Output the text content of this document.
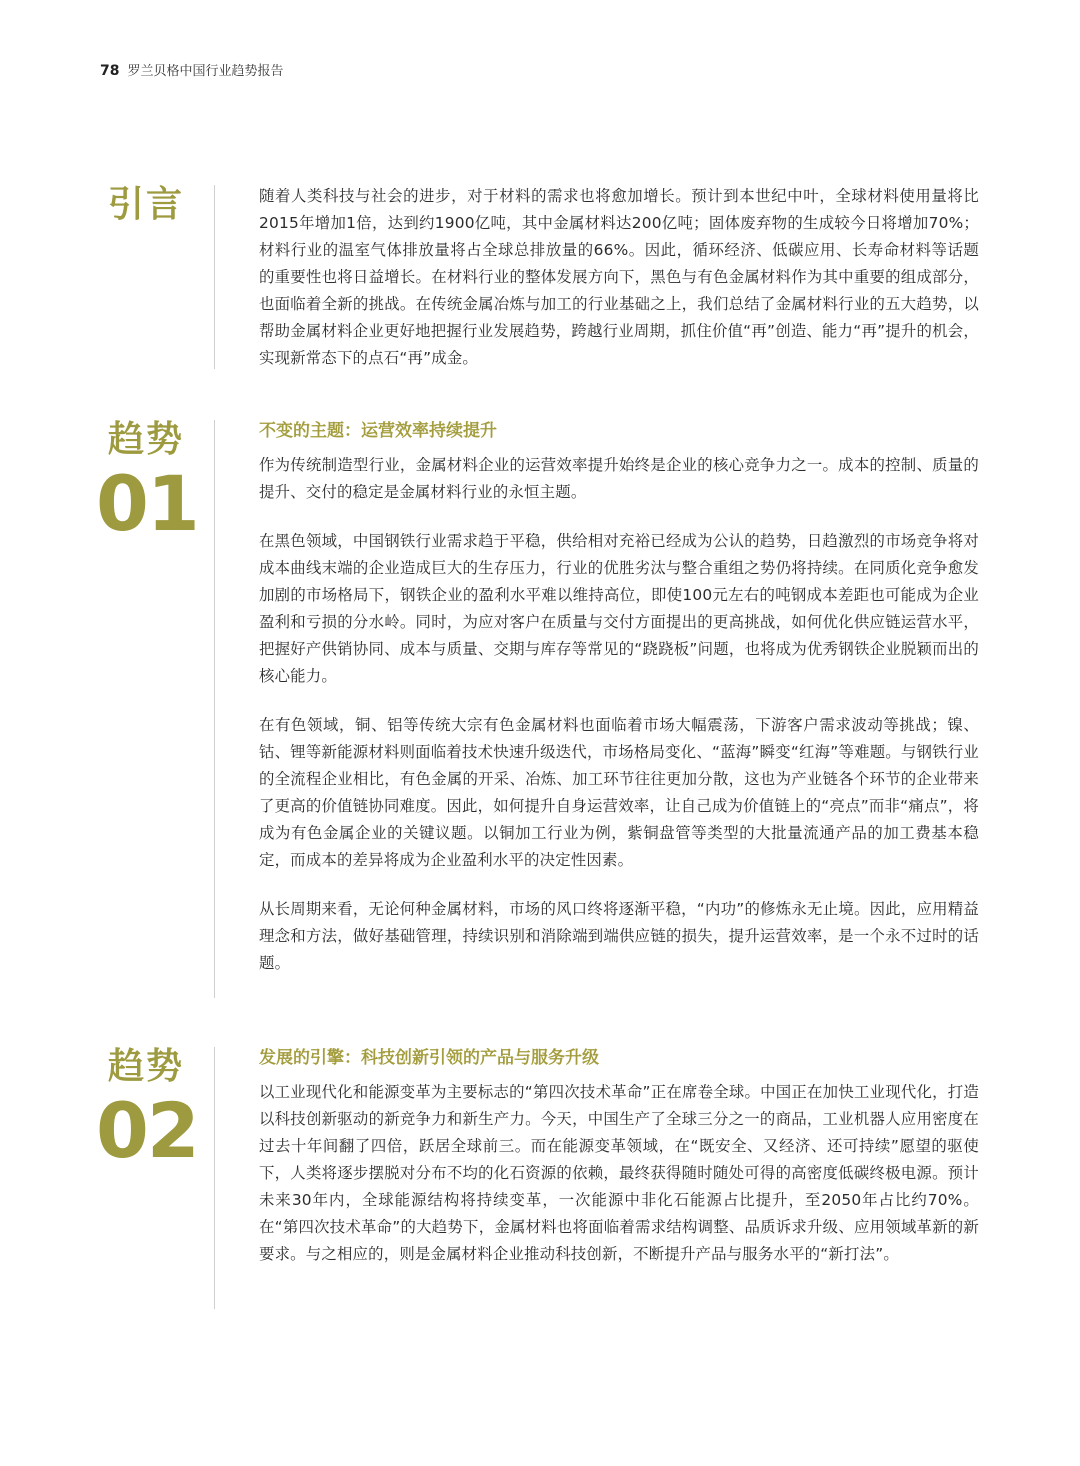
78 罗兰贝格中国行业趋势报告
引言	随着人类科技与社会的进步，对于材料的需求也将愈加增长。预计到本世纪中叶，全球材料使用量将比2015年增加1倍，达到约1900亿吨，其中金属材料达200亿吨；固体废弃物的生成较今日将增加70%；材料行业的温室气体排放量将占全球总排放量的66%。因此，循环经济、低碳应用、长寿命材料等话题的重要性也将日益增长。在材料行业的整体发展方向下，黑色与有色金属材料作为其中重要的组成部分，也面临着全新的挑战。在传统金属冶炼与加工的行业基础之上，我们总结了金属材料行业的五大趋势，以帮助金属材料企业更好地把握行业发展趋势，跨越行业周期，抓住价值“再”创造、能力“再”提升的机会，实现新常态下的点石“再”成金。

趋势
01
不变的主题：运营效率持续提升

作为传统制造型行业，金属材料企业的运营效率提升始终是企业的核心竞争力之一。成本的控制、质量的提升、交付的稳定是金属材料行业的永恒主题。

在黑色领域，中国钢铁行业需求趋于平稳，供给相对充裕已经成为公认的趋势，日趋激烈的市场竞争将对成本曲线末端的企业造成巨大的生存压力，行业的优胜劣汰与整合重组之势仍将持续。在同质化竞争愈发加剧的市场格局下，钢铁企业的盈利水平难以维持高位，即使100元左右的吨钢成本差距也可能成为企业盈利和亏损的分水岭。同时，为应对客户在质量与交付方面提出的更高挑战，如何优化供应链运营水平，把握好产供销协同、成本与质量、交期与库存等常见的“跷跷板”问题，也将成为优秀钢铁企业脱颖而出的核心能力。

在有色领域，铜、铝等传统大宗有色金属材料也面临着市场大幅震荡，下游客户需求波动等挑战；镍、钴、锂等新能源材料则面临着技术快速升级迭代，市场格局变化、“蓝海”瞬变“红海”等难题。与钢铁行业的全流程企业相比，有色金属的开采、冶炼、加工环节往往更加分散，这也为产业链各个环节的企业带来了更高的价值链协同难度。因此，如何提升自身运营效率，让自己成为价值链上的“亮点”而非“痛点”，将成为有色金属企业的关键议题。以铜加工行业为例，紫铜盘管等类型的大批量流通产品的加工费基本稳定，而成本的差异将成为企业盈利水平的决定性因素。

从长周期来看，无论何种金属材料，市场的风口终将逐渐平稳，“内功”的修炼永无止境。因此，应用精益理念和方法，做好基础管理，持续识别和消除端到端供应链的损失，提升运营效率，是一个永不过时的话题。

趋势
02
发展的引擎：科技创新引领的产品与服务升级

以工业现代化和能源变革为主要标志的“第四次技术革命”正在席卷全球。中国正在加快工业现代化，打造以科技创新驱动的新竞争力和新生产力。今天，中国生产了全球三分之一的商品，工业机器人应用密度在过去十年间翻了四倍，跃居全球前三。而在能源变革领域，在“既安全、又经济、还可持续”愿望的驱使下，人类将逐步摆脱对分布不均的化石资源的依赖，最终获得随时随处可得的高密度低碳终极电源。预计未来30年内，全球能源结构将持续变革，一次能源中非化石能源占比提升，至2050年占比约70%。在“第四次技术革命”的大趋势下，金属材料也将面临着需求结构调整、品质诉求升级、应用领域革新的新要求。与之相应的，则是金属材料企业推动科技创新，不断提升产品与服务水平的“新打法”。
